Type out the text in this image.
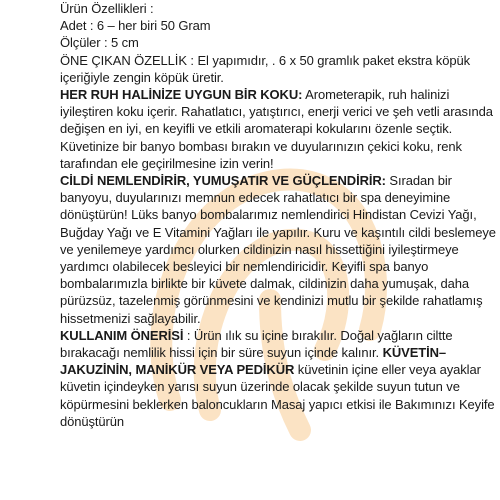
Ürün Özellikleri :

Adet : 6 – her biri 50 Gram

Ölçüler : 5 cm

ÖNE ÇIKAN ÖZELLİK : El yapımıdır, . 6 x 50 gramlık paket ekstra köpük içeriğiyle zengin köpük üretir.

HER RUH HALİNİZE UYGUN BİR KOKU: Arometerapik, ruh halinizi iyileştiren koku içerir. Rahatlatıcı, yatıştırıcı, enerji verici ve şeh vetli arasında değişen en iyi, en keyifli ve etkili aromaterapi kokularını özenle seçtik. Küvetinize bir banyo bombası bırakın ve duyularınızın çekici koku, renk tarafından ele geçirilmesine izin verin!

CİLDİ NEMLENDİRİR, YUMUŞATIR VE GÜÇLENDİRİR: Sıradan bir banyoyu, duyularınızı memnun edecek rahatlatıcı bir spa deneyimine dönüştürün! Lüks banyo bombalarımız nemlendirici Hindistan Cevizi Yağı, Buğday Yağı ve E Vitamini Yağları ile yapılır. Kuru ve kaşıntılı cildi beslemeye ve yenilemeye yardımcı olurken cildinizin nasıl hissettiğini iyileştirmeye yardımcı olabilecek besleyici bir nemlendiricidir. Keyifli spa banyo bombalarımızla birlikte bir küvete dalmak, cildinizin daha yumuşak, daha pürüzsüz, tazelenmiş görünmesini ve kendinizi mutlu bir şekilde rahatlamış hissetmenizi sağlayabilir.

KULLANIM ÖNERİSİ : Ürün ılık su içine bırakılır. Doğal yağların ciltte bırakacağı nemlilik hissi için bir süre suyun içinde kalınır. KÜVETİN– JAKUZİNİN, MANİKÜR VEYA PEDİKÜR küvetinin içine eller veya ayaklar küvetin içindeyken yarısı suyun üzerinde olacak şekilde suyun tutun ve köpürmesini beklerken baloncukların Masaj yapıcı etkisi ile Bakımınızı Keyife dönüştürün
